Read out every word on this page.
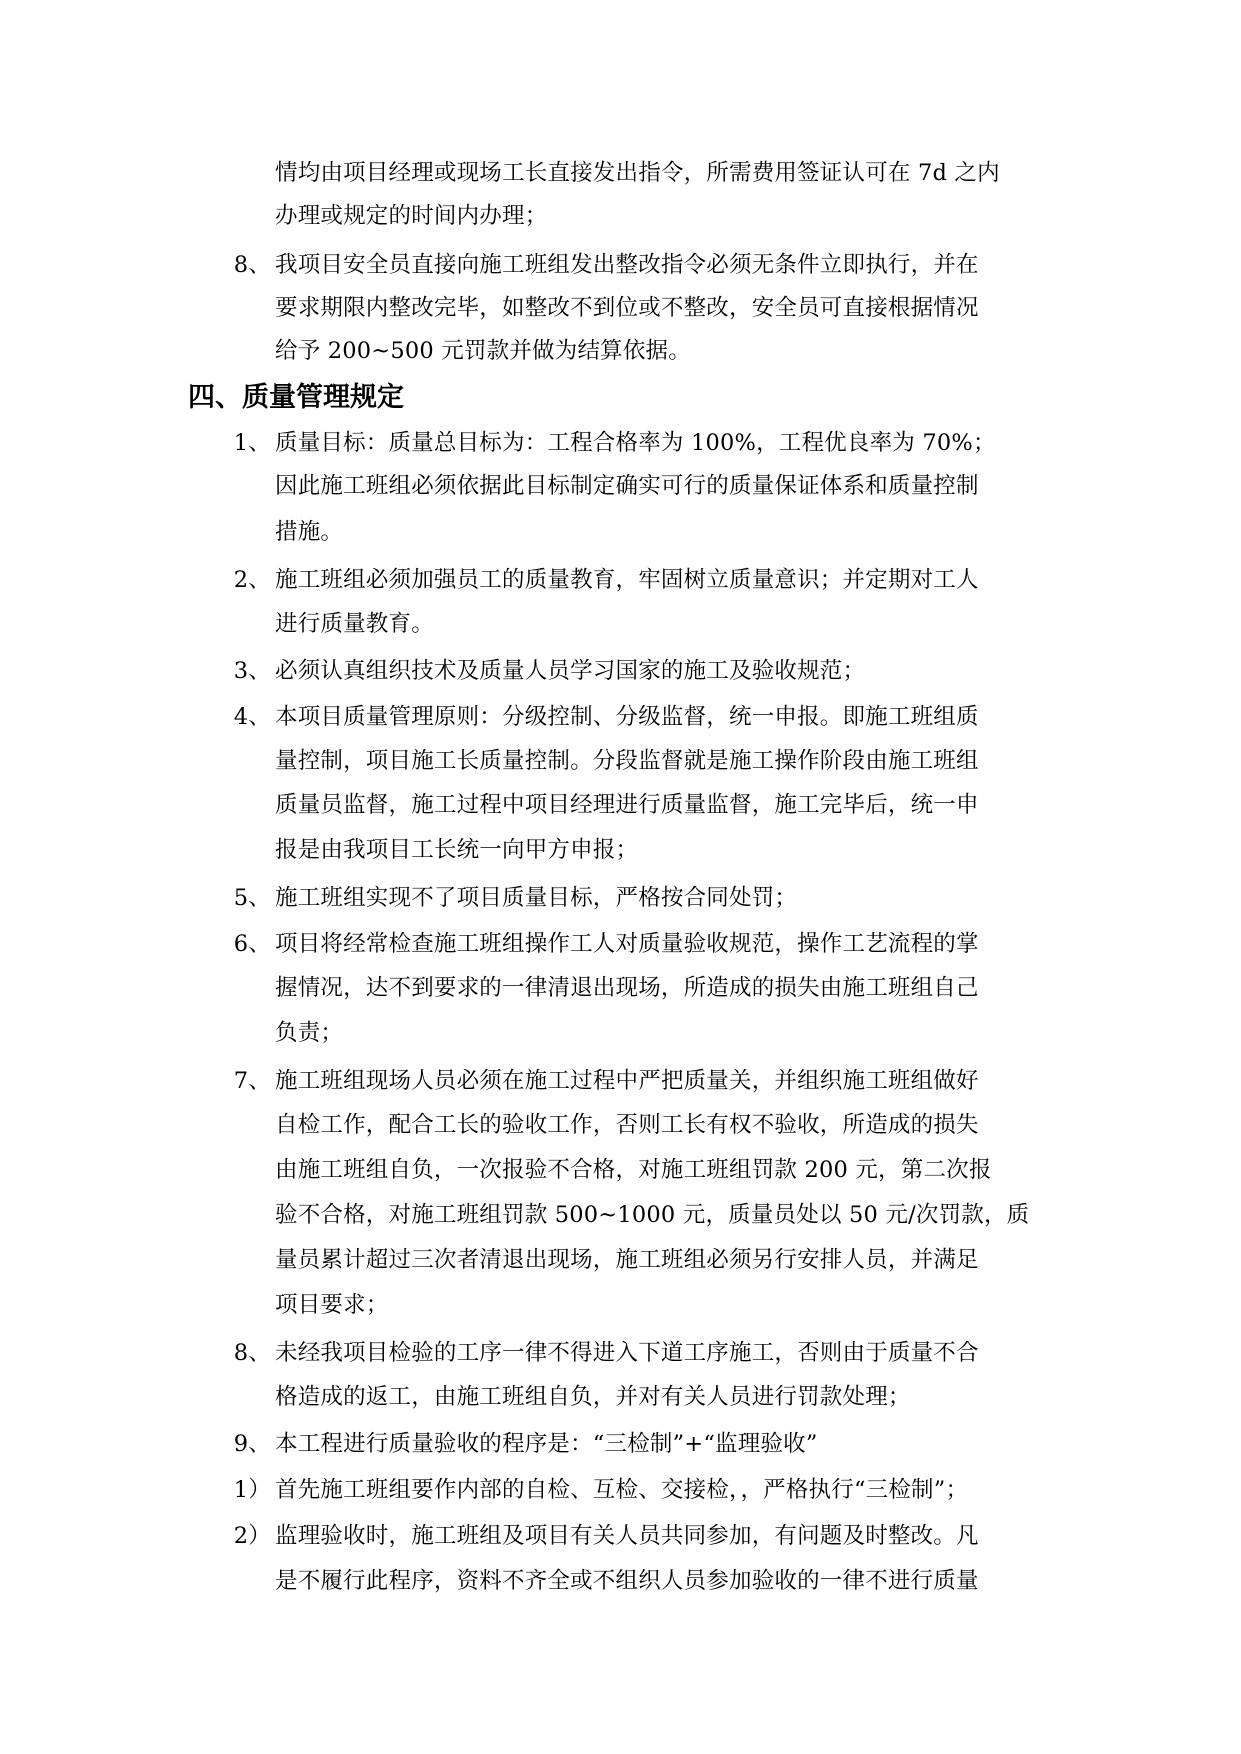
情均由项目经理或现场工长直接发出指令，所需费用签证认可在 7d 之内
办理或规定的时间内办理；
8、 我项目安全员直接向施工班组发出整改指令必须无条件立即执行，并在
要求期限内整改完毕，如整改不到位或不整改，安全员可直接根据情况
给予 200~500 元罚款并做为结算依据。
四、质量管理规定
1、 质量目标：质量总目标为：工程合格率为 100%，工程优良率为 70%；
因此施工班组必须依据此目标制定确实可行的质量保证体系和质量控制
措施。
2、 施工班组必须加强员工的质量教育，牢固树立质量意识；并定期对工人
进行质量教育。
3、 必须认真组织技术及质量人员学习国家的施工及验收规范；
4、 本项目质量管理原则：分级控制、分级监督，统一申报。即施工班组质
量控制，项目施工长质量控制。分段监督就是施工操作阶段由施工班组
质量员监督，施工过程中项目经理进行质量监督，施工完毕后，统一申
报是由我项目工长统一向甲方申报；
5、 施工班组实现不了项目质量目标，严格按合同处罚；
6、 项目将经常检查施工班组操作工人对质量验收规范，操作工艺流程的掌
握情况，达不到要求的一律清退出现场，所造成的损失由施工班组自己
负责；
7、 施工班组现场人员必须在施工过程中严把质量关，并组织施工班组做好
自检工作，配合工长的验收工作，否则工长有权不验收，所造成的损失
由施工班组自负，一次报验不合格，对施工班组罚款 200 元，第二次报
验不合格，对施工班组罚款 500~1000 元，质量员处以 50 元/次罚款，质
量员累计超过三次者清退出现场，施工班组必须另行安排人员，并满足
项目要求；
8、 未经我项目检验的工序一律不得进入下道工序施工，否则由于质量不合
格造成的返工，由施工班组自负，并对有关人员进行罚款处理；
9、 本工程进行质量验收的程序是：“三检制”+“监理验收”
1） 首先施工班组要作内部的自检、互检、交接检，，严格执行“三检制”；
2） 监理验收时，施工班组及项目有关人员共同参加，有问题及时整改。凡
是不履行此程序，资料不齐全或不组织人员参加验收的一律不进行质量
